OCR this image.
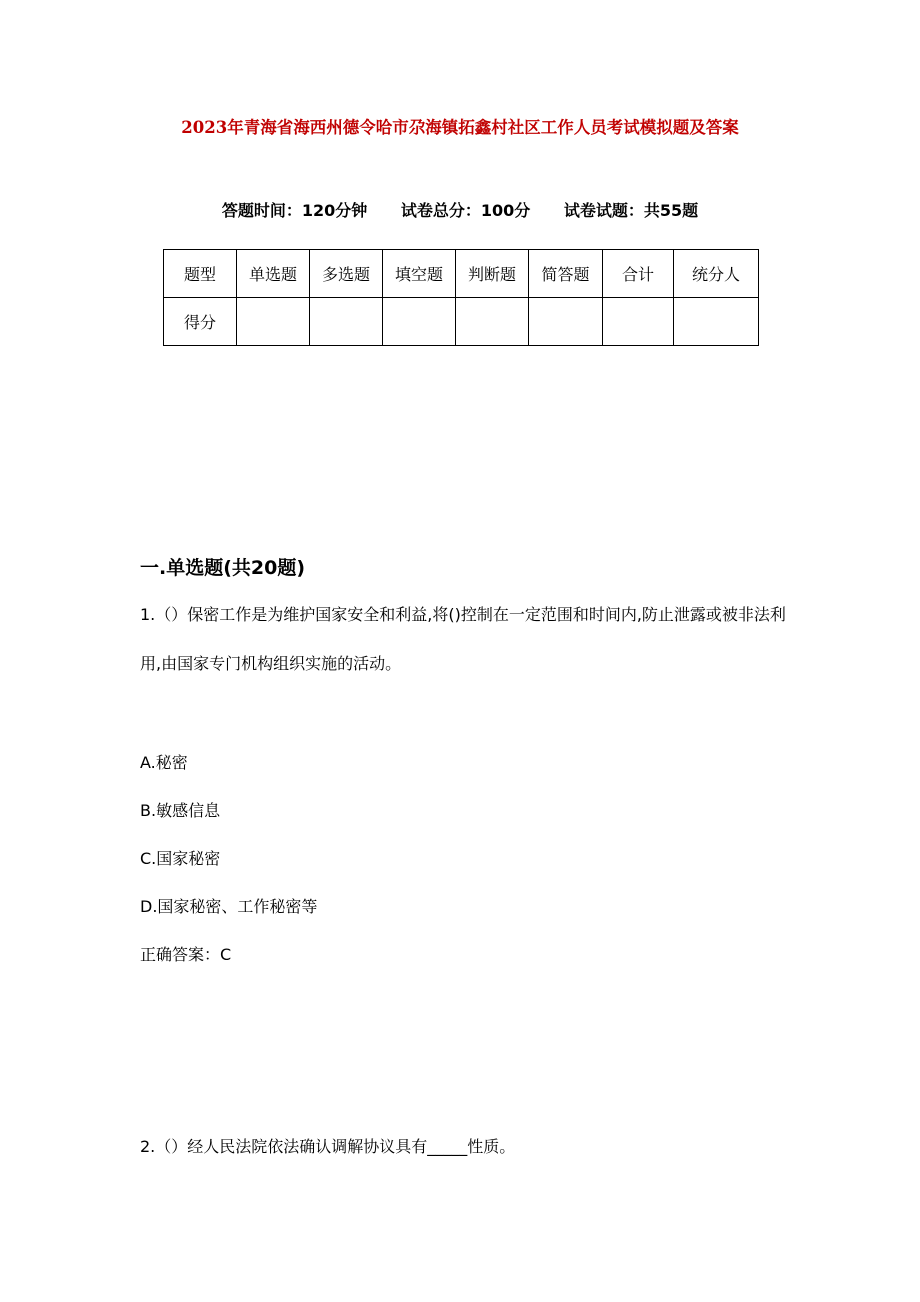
2023年青海省海西州德令哈市尕海镇拓鑫村社区工作人员考试模拟题及答案
答题时间：120分钟 试卷总分：100分 试卷试题：共55题
题型	单选题	多选题	填空题	判断题	简答题	合计	统分人
得分							
一.单选题(共20题)
1.（）保密工作是为维护国家安全和利益,将()控制在一定范围和时间内,防止泄露或被非法利用,由国家专门机构组织实施的活动。
A.秘密
B.敏感信息
C.国家秘密
D.国家秘密、工作秘密等
正确答案：C
2.（）经人民法院依法确认调解协议具有_____性质。
